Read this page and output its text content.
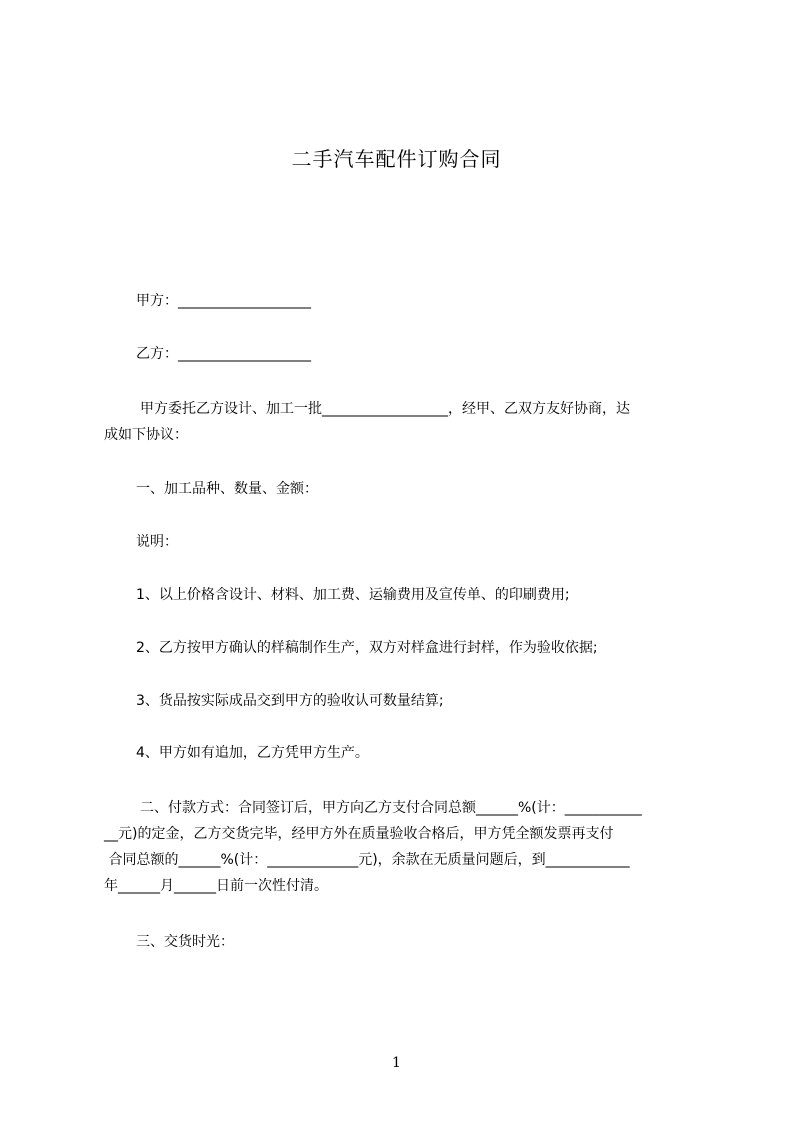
二手汽车配件订购合同
甲方：___________________
乙方：___________________
甲方委托乙方设计、加工一批__________________，经甲、乙双方友好协商，达
成如下协议：
一、加工品种、数量、金额：
说明：
1、以上价格含设计、材料、加工费、运输费用及宣传单、的印刷费用;
2、乙方按甲方确认的样稿制作生产，双方对样盒进行封样，作为验收依据;
3、货品按实际成品交到甲方的验收认可数量结算;
4、甲方如有追加，乙方凭甲方生产。
二、付款方式：合同签订后，甲方向乙方支付合同总额______%(计：___________
__元)的定金，乙方交货完毕，经甲方外在质量验收合格后，甲方凭全额发票再支付
合同总额的______%(计：_____________元)，余款在无质量问题后，到____________
年______月______日前一次性付清。
三、交货时光：
1
